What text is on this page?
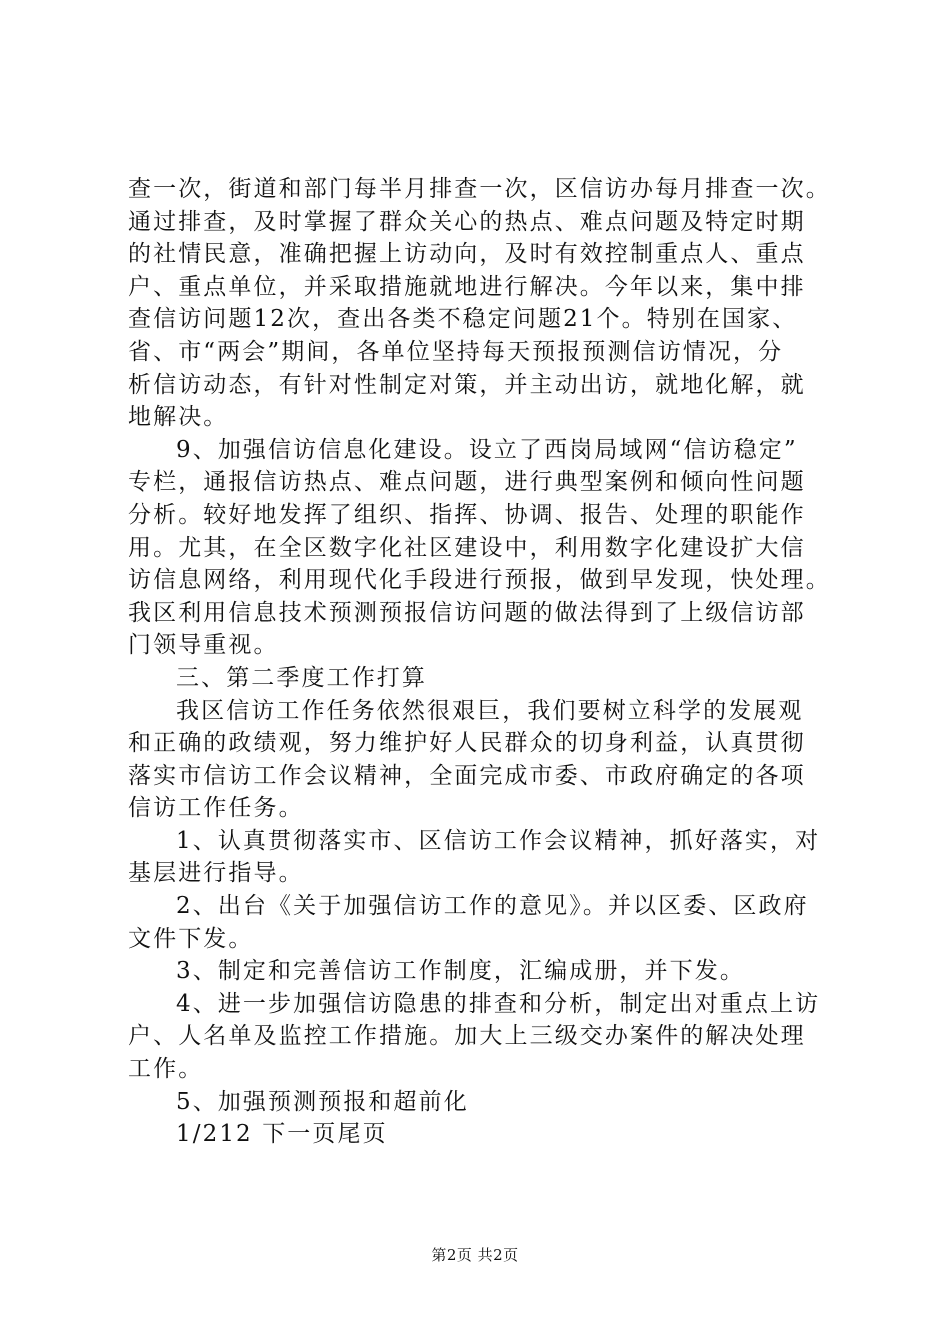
查一次，街道和部门每半月排查一次，区信访办每月排查一次。
通过排查，及时掌握了群众关心的热点、难点问题及特定时期
的社情民意，准确把握上访动向，及时有效控制重点人、重点
户、重点单位，并采取措施就地进行解决。今年以来，集中排
查信访问题12次，查出各类不稳定问题21个。特别在国家、
省、市“两会”期间，各单位坚持每天预报预测信访情况，分
析信访动态，有针对性制定对策，并主动出访，就地化解，就
地解决。
9、加强信访信息化建设。设立了西岗局域网“信访稳定”
专栏，通报信访热点、难点问题，进行典型案例和倾向性问题
分析。较好地发挥了组织、指挥、协调、报告、处理的职能作
用。尤其，在全区数字化社区建设中，利用数字化建设扩大信
访信息网络，利用现代化手段进行预报，做到早发现，快处理。
我区利用信息技术预测预报信访问题的做法得到了上级信访部
门领导重视。
三、第二季度工作打算
我区信访工作任务依然很艰巨，我们要树立科学的发展观
和正确的政绩观，努力维护好人民群众的切身利益，认真贯彻
落实市信访工作会议精神，全面完成市委、市政府确定的各项
信访工作任务。
1、认真贯彻落实市、区信访工作会议精神，抓好落实，对
基层进行指导。
2、出台《关于加强信访工作的意见》。并以区委、区政府
文件下发。
3、制定和完善信访工作制度，汇编成册，并下发。
4、进一步加强信访隐患的排查和分析，制定出对重点上访
户、人名单及监控工作措施。加大上三级交办案件的解决处理
工作。
5、加强预测预报和超前化
1/212 下一页尾页
第2页 共2页
